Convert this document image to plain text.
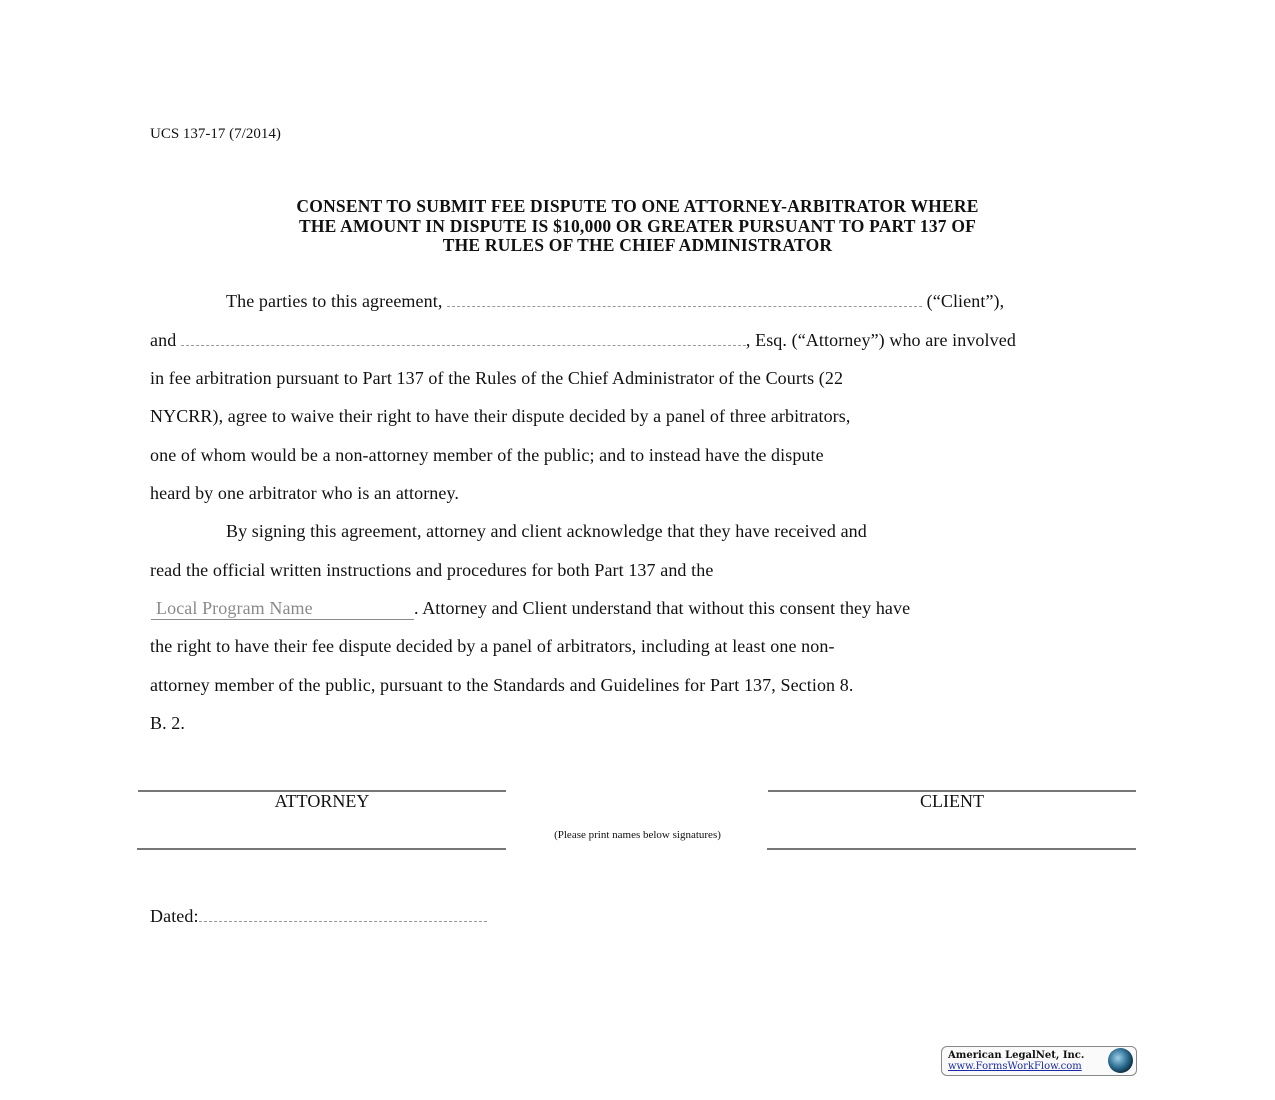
UCS 137-17 (7/2014)
CONSENT TO SUBMIT FEE DISPUTE TO ONE ATTORNEY-ARBITRATOR WHERE
THE AMOUNT IN DISPUTE IS $10,000 OR GREATER PURSUANT TO PART 137 OF
THE RULES OF THE CHIEF ADMINISTRATOR
The parties to this agreement,	(“Client”),
and	, Esq. (“Attorney”) who are involved
in fee arbitration pursuant to Part 137 of the Rules of the Chief Administrator of the Courts (22
NYCRR), agree to waive their right to have their dispute decided by a panel of three arbitrators,
one of whom would be a non-attorney member of the public; and to instead have the dispute
heard by one arbitrator who is an attorney.
By signing this agreement, attorney and client acknowledge that they have received and
read the official written instructions and procedures for both Part 137 and the
Local Program Name	. Attorney and Client understand that without this consent they have
the right to have their fee dispute decided by a panel of arbitrators, including at least one non-
attorney member of the public, pursuant to the Standards and Guidelines for Part 137, Section 8.
B. 2.
ATTORNEY	CLIENT
(Please print names below signatures)
Dated:
American LegalNet, Inc.
www.FormsWorkFlow.com
